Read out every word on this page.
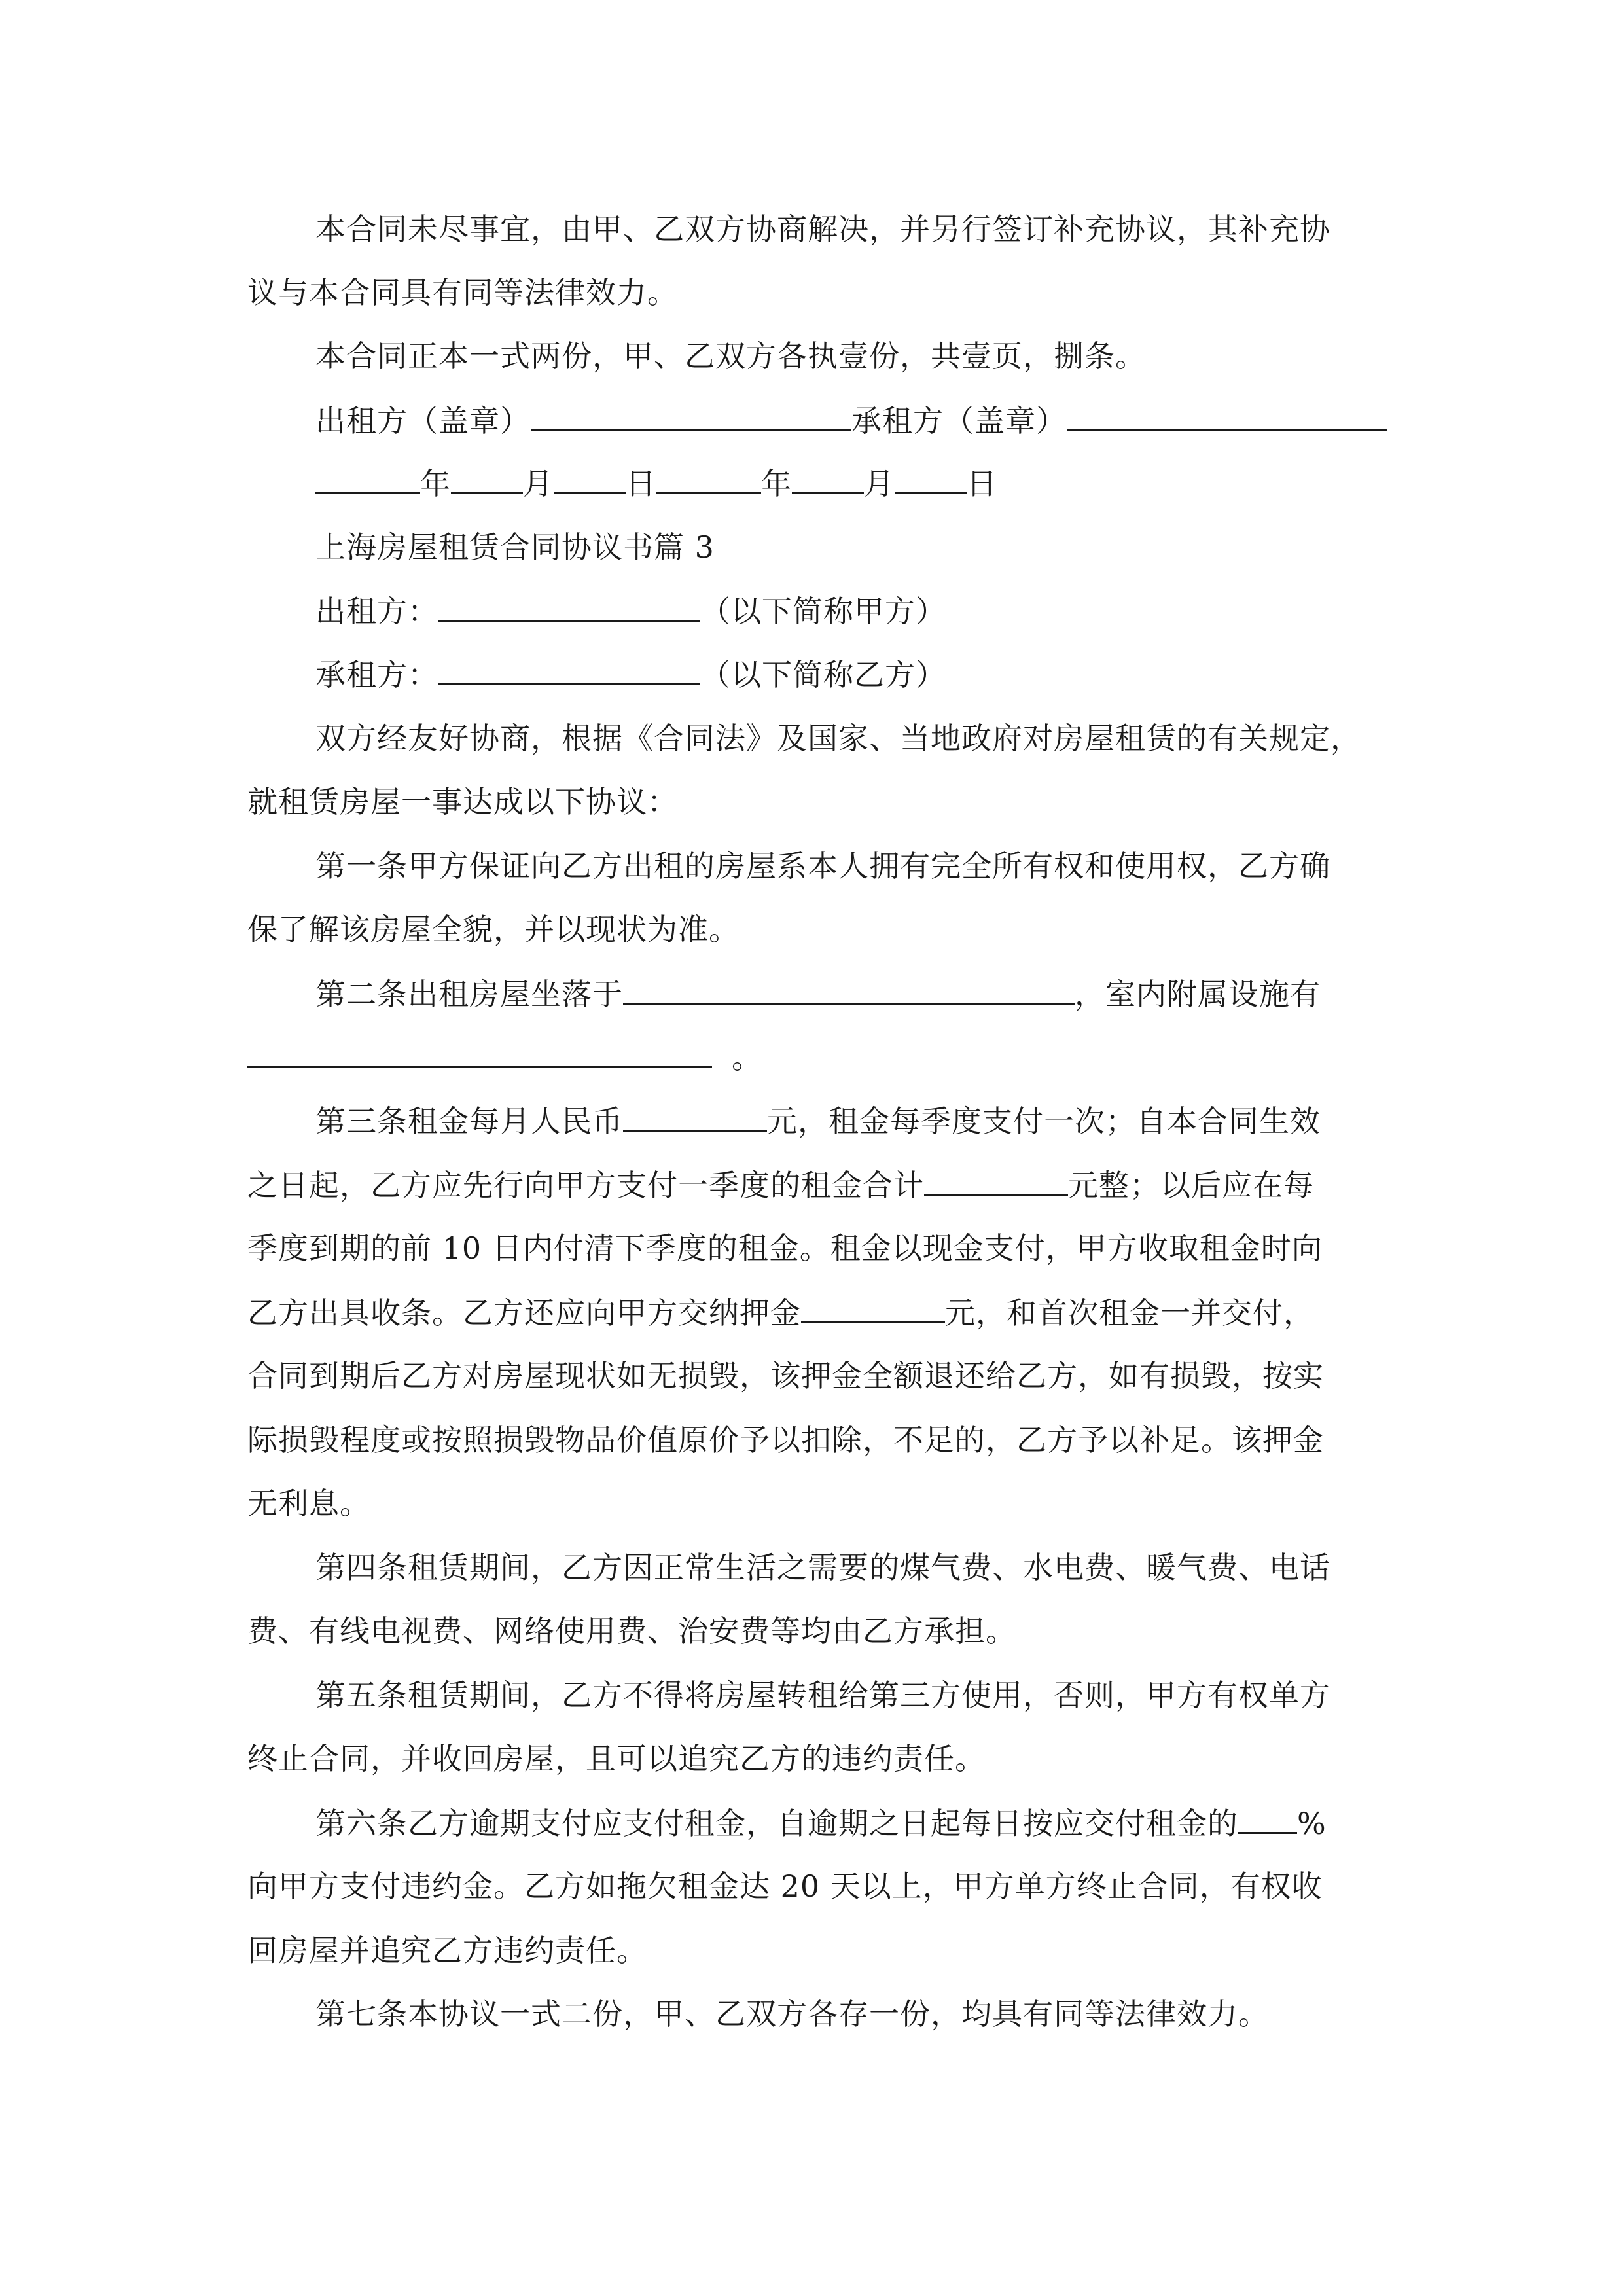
本合同未尽事宜，由甲、乙双方协商解决，并另行签订补充协议，其补充协
议与本合同具有同等法律效力。
本合同正本一式两份，甲、乙双方各执壹份，共壹页，捌条。
出租方（盖章）	承租方（盖章）
年 月 日	年 月 日
上海房屋租赁合同协议书篇 3
出租方：	（以下简称甲方）
承租方：	（以下简称乙方）
双方经友好协商，根据《合同法》及国家、当地政府对房屋租赁的有关规定，
就租赁房屋一事达成以下协议：
第一条甲方保证向乙方出租的房屋系本人拥有完全所有权和使用权，乙方确
保了解该房屋全貌，并以现状为准。
第二条出租房屋坐落于	，室内附属设施有
。
第三条租金每月人民币	元，租金每季度支付一次；自本合同生效
之日起，乙方应先行向甲方支付一季度的租金合计	元整；以后应在每
季度到期的前 10 日内付清下季度的租金。租金以现金支付，甲方收取租金时向
乙方出具收条。乙方还应向甲方交纳押金	元，和首次租金一并交付，
合同到期后乙方对房屋现状如无损毁，该押金全额退还给乙方，如有损毁，按实
际损毁程度或按照损毁物品价值原价予以扣除，不足的，乙方予以补足。该押金
无利息。
第四条租赁期间，乙方因正常生活之需要的煤气费、水电费、暖气费、电话
费、有线电视费、网络使用费、治安费等均由乙方承担。
第五条租赁期间，乙方不得将房屋转租给第三方使用，否则，甲方有权单方
终止合同，并收回房屋，且可以追究乙方的违约责任。
第六条乙方逾期支付应支付租金，自逾期之日起每日按应交付租金的 %
向甲方支付违约金。乙方如拖欠租金达 20 天以上，甲方单方终止合同，有权收
回房屋并追究乙方违约责任。
第七条本协议一式二份，甲、乙双方各存一份，均具有同等法律效力。
